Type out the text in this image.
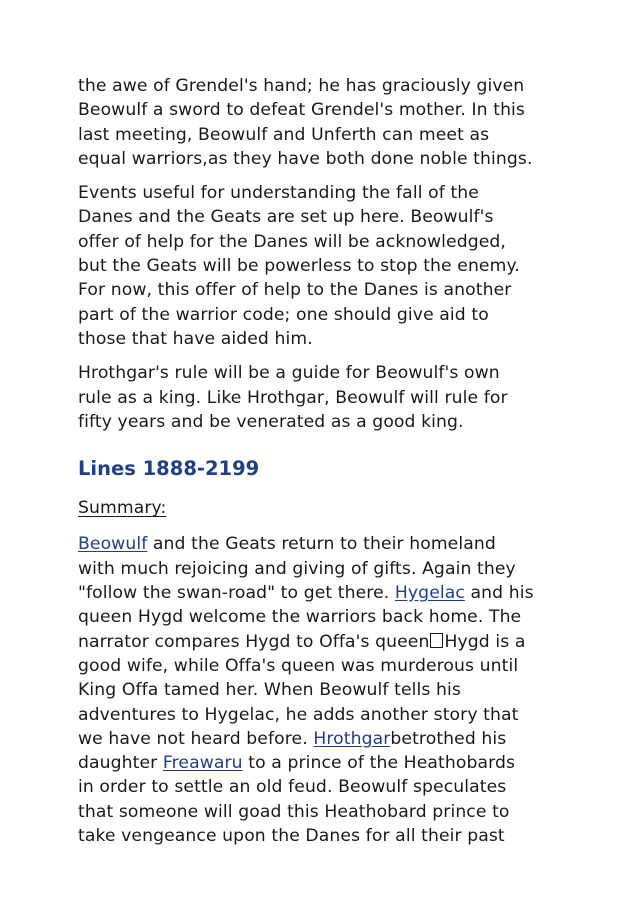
the awe of Grendel's hand; he has graciously given
Beowulf a sword to defeat Grendel's mother. In this
last meeting, Beowulf and Unferth can meet as
equal warriors,as they have both done noble things.

Events useful for understanding the fall of the
Danes and the Geats are set up here. Beowulf's
offer of help for the Danes will be acknowledged,
but the Geats will be powerless to stop the enemy.
For now, this offer of help to the Danes is another
part of the warrior code; one should give aid to
those that have aided him.

Hrothgar's rule will be a guide for Beowulf's own
rule as a king. Like Hrothgar, Beowulf will rule for
fifty years and be venerated as a good king.

Lines 1888-2199

Summary:

Beowulf and the Geats return to their homeland
with much rejoicing and giving of gifts. Again they
"follow the swan-road" to get there. Hygelac and his
queen Hygd welcome the warriors back home. The
narrator compares Hygd to Offa's queen Hygd is a
good wife, while Offa's queen was murderous until
King Offa tamed her. When Beowulf tells his
adventures to Hygelac, he adds another story that
we have not heard before. Hrothgarbetrothed his
daughter Freawaru to a prince of the Heathobards
in order to settle an old feud. Beowulf speculates
that someone will goad this Heathobard prince to
take vengeance upon the Danes for all their past
